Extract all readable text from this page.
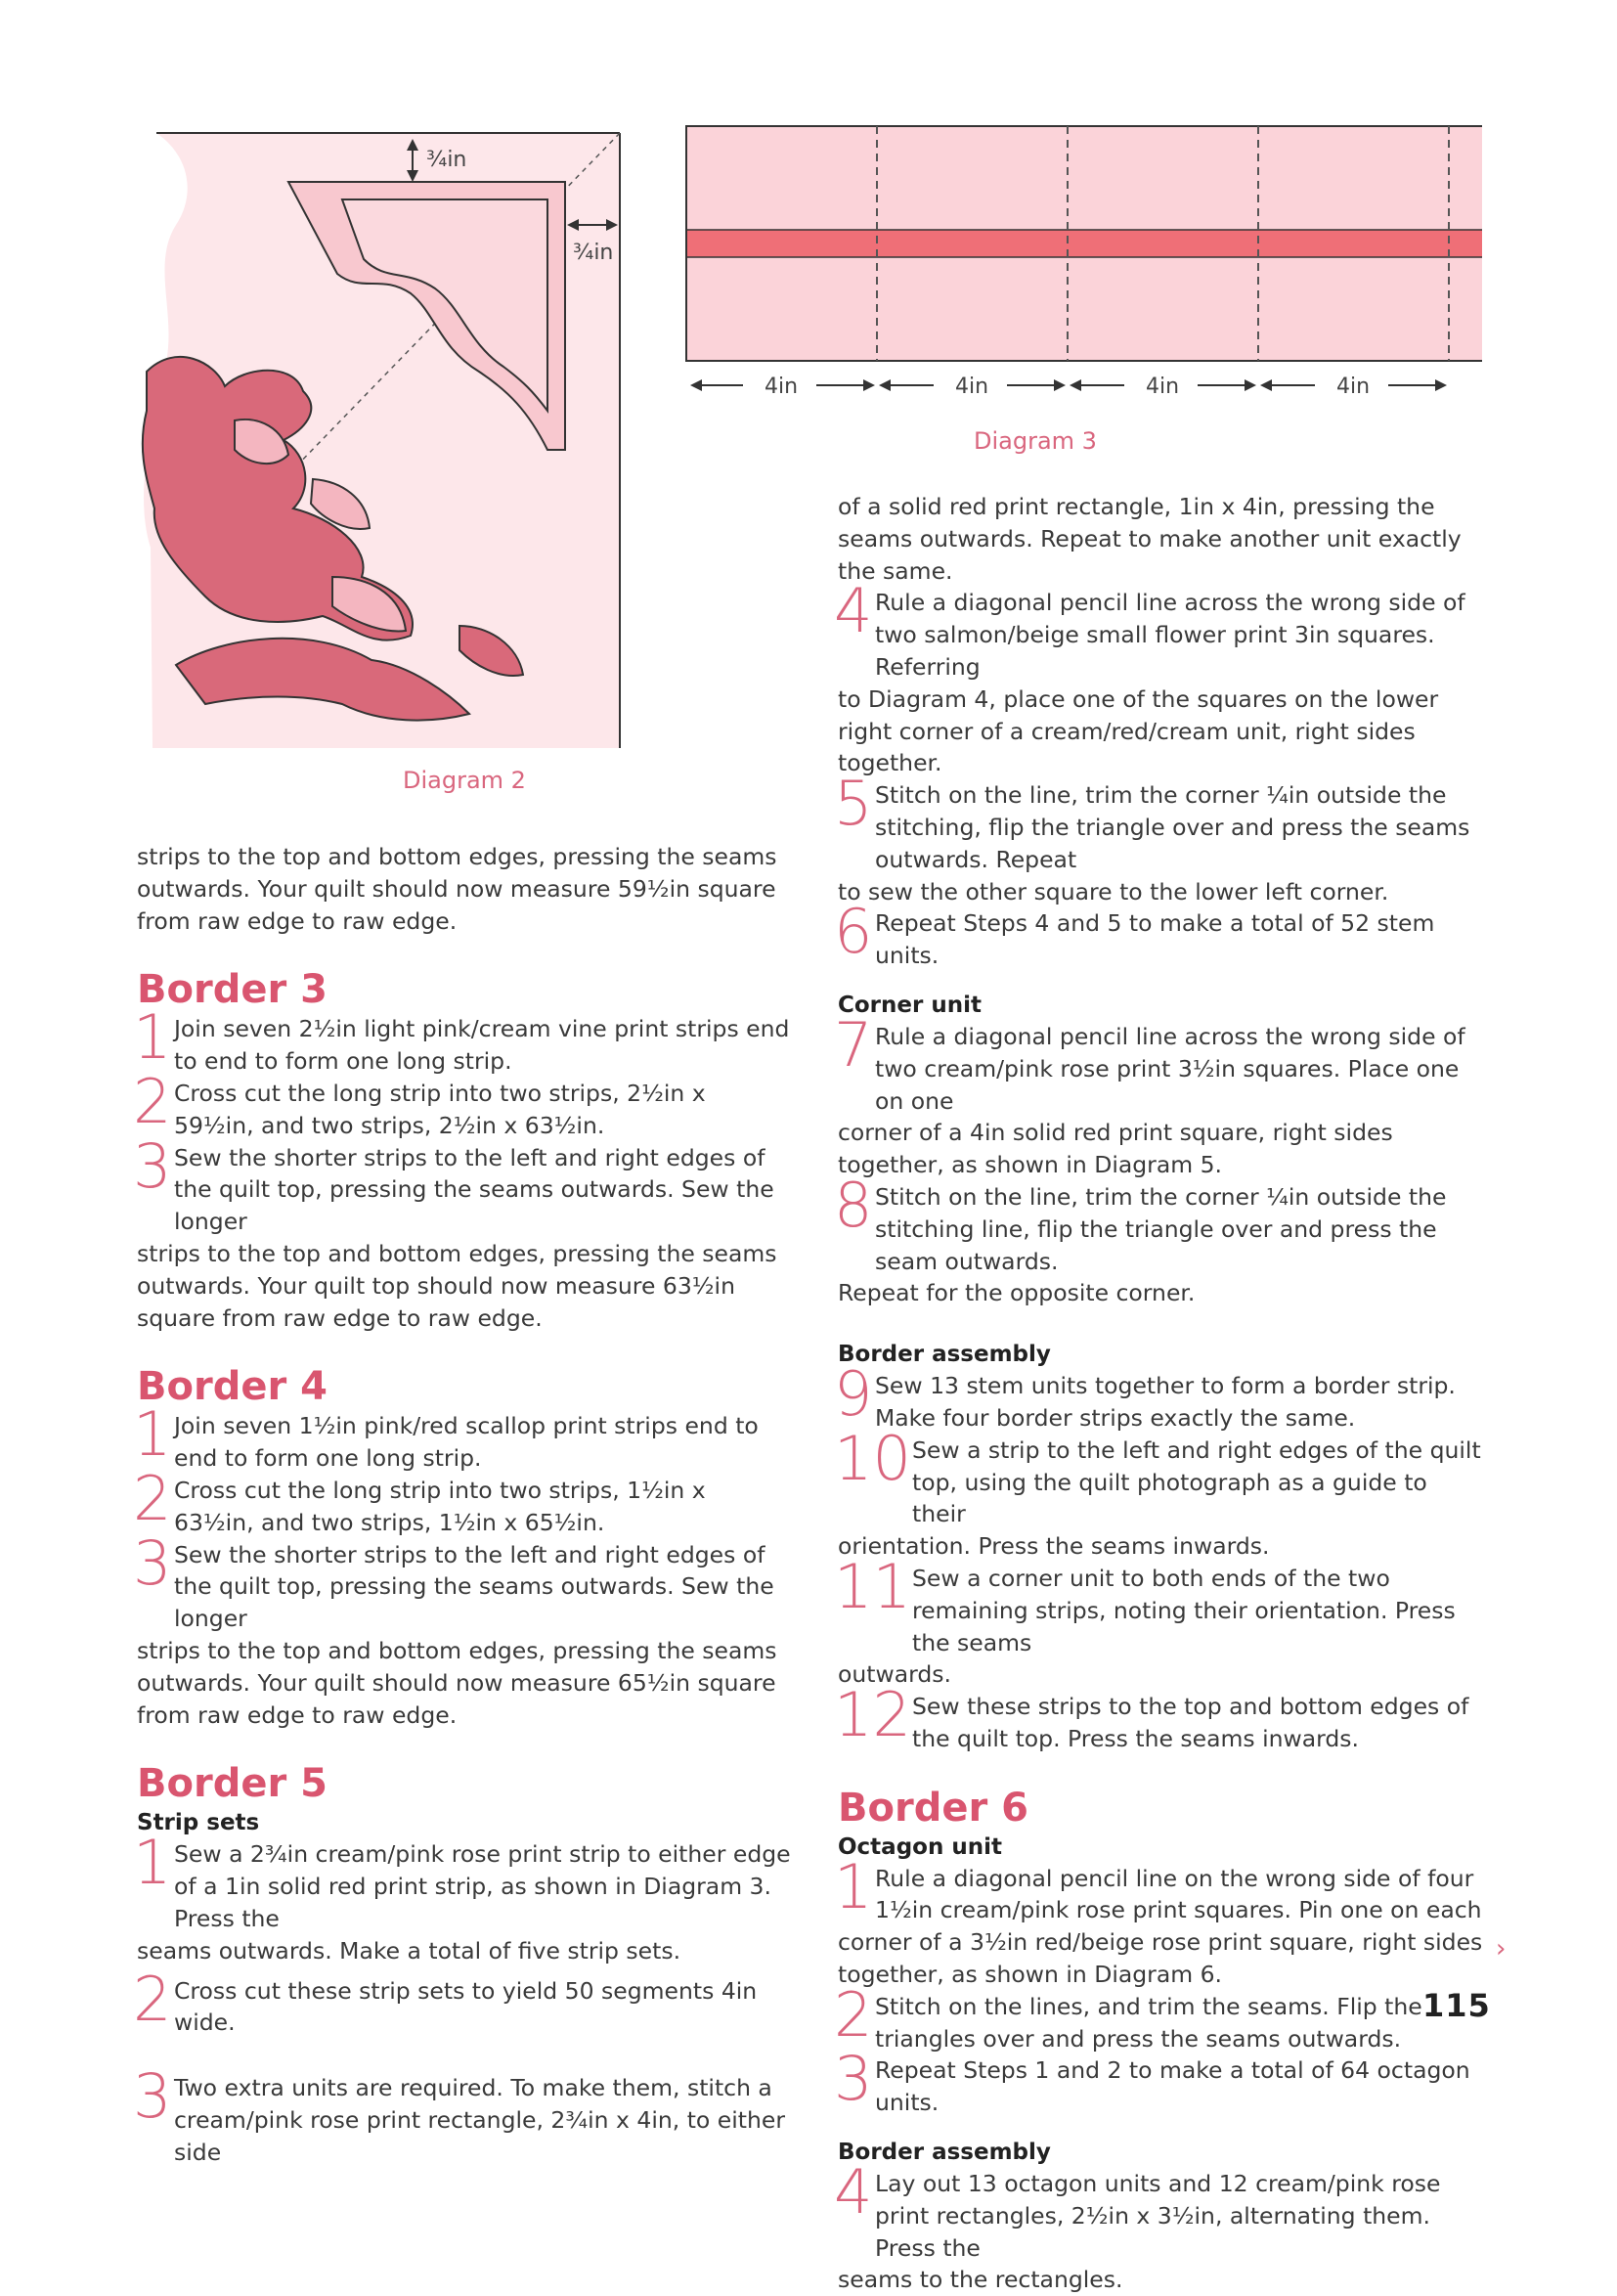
¾in
¾in
Diagram 2
4in	4in	4in	4in
Diagram 3

strips to the top and bottom edges, pressing the seams outwards. Your quilt should now measure 59½in square from raw edge to raw edge.

Border 3
1 Join seven 2½in light pink/cream vine print strips end to end to form one long strip.
2 Cross cut the long strip into two strips, 2½in x 59½in, and two strips, 2½in x 63½in.
3 Sew the shorter strips to the left and right edges of the quilt top, pressing the seams outwards. Sew the longer
strips to the top and bottom edges, pressing the seams outwards. Your quilt top should now measure 63½in square from raw edge to raw edge.
Border 4
1 Join seven 1½in pink/red scallop print strips end to end to form one long strip.
2 Cross cut the long strip into two strips, 1½in x 63½in, and two strips, 1½in x 65½in.
3 Sew the shorter strips to the left and right edges of the quilt top, pressing the seams outwards. Sew the longer
strips to the top and bottom edges, pressing the seams outwards. Your quilt should now measure 65½in square from raw edge to raw edge.
Border 5
Strip sets
1 Sew a 2¾in cream/pink rose print strip to either edge of a 1in solid red print strip, as shown in Diagram 3. Press the
seams outwards. Make a total of five strip sets.
2 Cross cut these strip sets to yield 50 segments 4in wide.
3 Two extra units are required. To make them, stitch a cream/pink rose print rectangle, 2¾in x 4in, to either side

of a solid red print rectangle, 1in x 4in, pressing the seams outwards. Repeat to make another unit exactly the same.

4 Rule a diagonal pencil line across the wrong side of two salmon/beige small flower print 3in squares. Referring
to Diagram 4, place one of the squares on the lower right corner of a cream/red/cream unit, right sides together.
5 Stitch on the line, trim the corner ¼in outside the stitching, flip the triangle over and press the seams outwards. Repeat
to sew the other square to the lower left corner.
6 Repeat Steps 4 and 5 to make a total of 52 stem units.
Corner unit
7 Rule a diagonal pencil line across the wrong side of two cream/pink rose print 3½in squares. Place one on one
corner of a 4in solid red print square, right sides together, as shown in Diagram 5.
8 Stitch on the line, trim the corner ¼in outside the stitching line, flip the triangle over and press the seam outwards.
Repeat for the opposite corner.
Border assembly
9 Sew 13 stem units together to form a border strip. Make four border strips exactly the same.
10 Sew a strip to the left and right edges of the quilt top, using the quilt photograph as a guide to their
orientation. Press the seams inwards.
11 Sew a corner unit to both ends of the two remaining strips, noting their orientation. Press the seams
outwards.
12 Sew these strips to the top and bottom edges of the quilt top. Press the seams inwards.
Border 6
Octagon unit
1 Rule a diagonal pencil line on the wrong side of four 1½in cream/pink rose print squares. Pin one on each
corner of a 3½in red/beige rose print square, right sides together, as shown in Diagram 6.
2 Stitch on the lines, and trim the seams. Flip the triangles over and press the seams outwards.
3 Repeat Steps 1 and 2 to make a total of 64 octagon units.
Border assembly
4 Lay out 13 octagon units and 12 cream/pink rose print rectangles, 2½in x 3½in, alternating them. Press the
seams to the rectangles.
›
115
